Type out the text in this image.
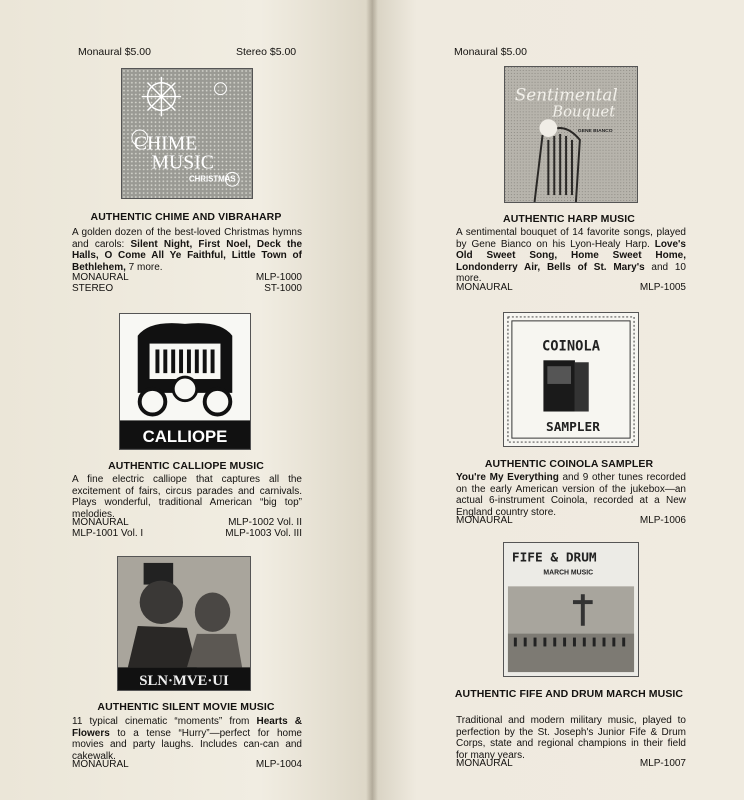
Monaural $5.00	Stereo $5.00
CHIME
MUSIC
CHRISTMAS
AUTHENTIC CHIME AND VIBRAHARP
A golden dozen of the best-loved Christmas hymns and carols: Silent Night, First Noel, Deck the Halls, O Come All Ye Faithful, Little Town of Bethlehem, 7 more.
MONAURAL	MLP-1000
STEREO	ST-1000
CALLIOPE
AUTHENTIC CALLIOPE MUSIC
A fine electric calliope that captures all the excitement of fairs, circus parades and carnivals. Plays wonderful, traditional American “big top” melodies.
MONAURAL	MLP-1002 Vol. II
MLP-1001 Vol. I	MLP-1003 Vol. III
SLN·MVE·UI
AUTHENTIC SILENT MOVIE MUSIC
11 typical cinematic “moments” from Hearts & Flowers to a tense “Hurry”—perfect for home movies and party laughs. Includes can-can and cakewalk.
MONAURAL	MLP-1004
Monaural $5.00
Sentimental
Bouquet
GENE BIANCO
AUTHENTIC HARP MUSIC
A sentimental bouquet of 14 favorite songs, played by Gene Bianco on his Lyon-Healy Harp. Love's Old Sweet Song, Home Sweet Home, Londonderry Air, Bells of St. Mary's and 10 more.
MONAURAL	MLP-1005
COINOLA
SAMPLER
AUTHENTIC COINOLA SAMPLER
You're My Everything and 9 other tunes recorded on the early American version of the jukebox—an actual 6-instrument Coinola, recorded at a New England country store.
MONAURAL	MLP-1006
FIFE & DRUM
MARCH MUSIC
AUTHENTIC FIFE AND DRUM MARCH MUSIC
Traditional and modern military music, played to perfection by the St. Joseph's Junior Fife & Drum Corps, state and regional champions in their field for many years.
MONAURAL	MLP-1007
